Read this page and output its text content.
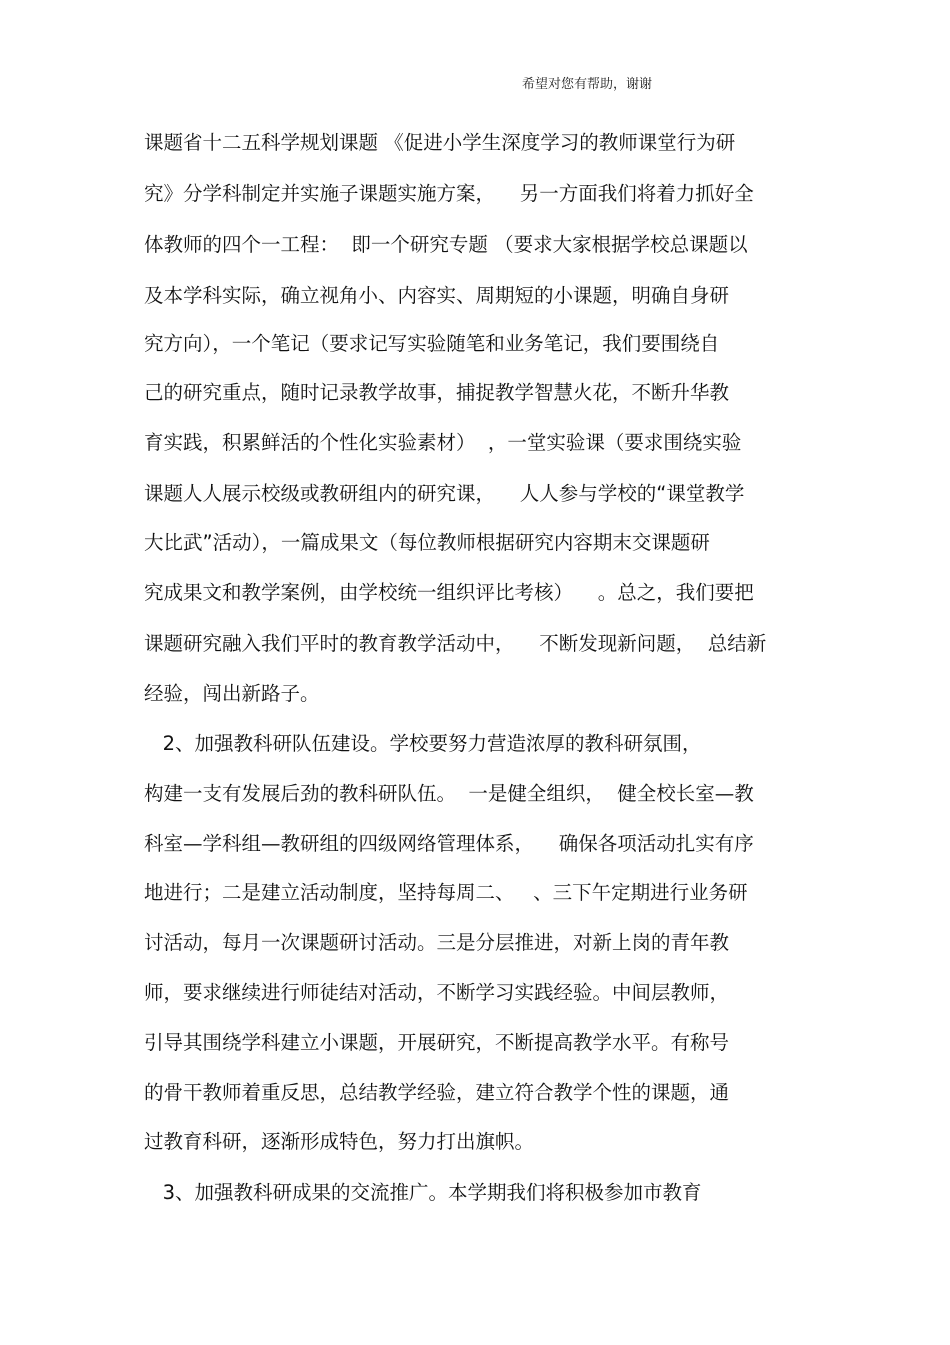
希望对您有帮助，谢谢
课题省十二五科学规划课题 《促进小学生深度学习的教师课堂行为研
究》分学科制定并实施子课题实施方案，    另一方面我们将着力抓好全
体教师的四个一工程：  即一个研究专题 （要求大家根据学校总课题以
及本学科实际，确立视角小、内容实、周期短的小课题，明确自身研
究方向），一个笔记（要求记写实验随笔和业务笔记，我们要围绕自
己的研究重点，随时记录教学故事，捕捉教学智慧火花，不断升华教
育实践，积累鲜活的个性化实验素材）  ，一堂实验课（要求围绕实验
课题人人展示校级或教研组内的研究课，    人人参与学校的“课堂教学
大比武”活动），一篇成果文（每位教师根据研究内容期末交课题研
究成果文和教学案例，由学校统一组织评比考核）    。总之，我们要把
课题研究融入我们平时的教育教学活动中，    不断发现新问题，  总结新
经验，闯出新路子。
2、加强教科研队伍建设。学校要努力营造浓厚的教科研氛围，
构建一支有发展后劲的教科研队伍。  一是健全组织，  健全校长室—教
科室—学科组—教研组的四级网络管理体系，    确保各项活动扎实有序
地进行；二是建立活动制度，坚持每周二、   、三下午定期进行业务研
讨活动，每月一次课题研讨活动。三是分层推进，对新上岗的青年教
师，要求继续进行师徒结对活动，不断学习实践经验。中间层教师，
引导其围绕学科建立小课题，开展研究，不断提高教学水平。有称号
的骨干教师着重反思，总结教学经验，建立符合教学个性的课题，通
过教育科研，逐渐形成特色，努力打出旗帜。
3、加强教科研成果的交流推广。本学期我们将积极参加市教育
